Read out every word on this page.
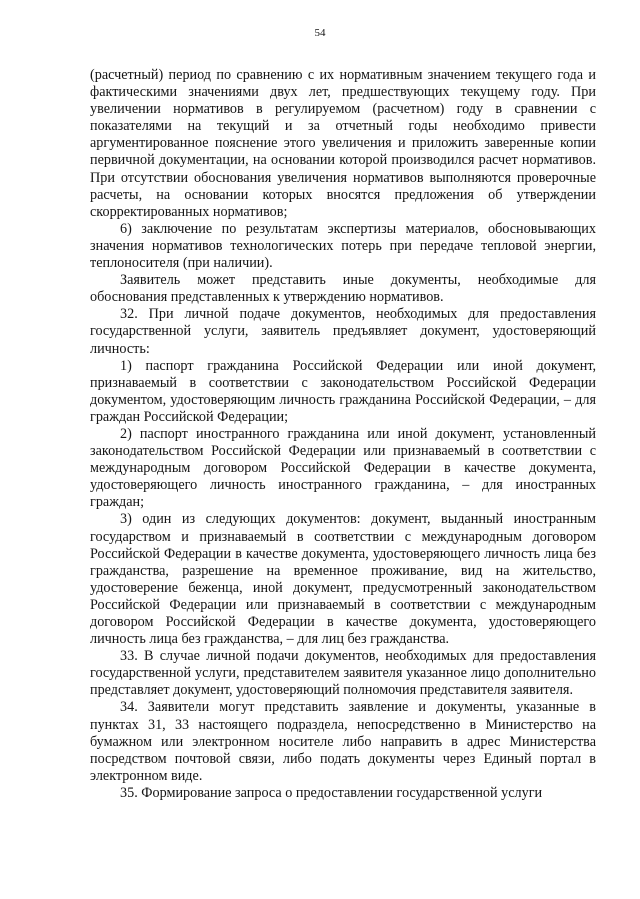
54

(расчетный) период по сравнению с их нормативным значением текущего года и фактическими значениями двух лет, предшествующих текущему году. При увеличении нормативов в регулируемом (расчетном) году в сравнении с показателями на текущий и за отчетный годы необходимо привести аргументированное пояснение этого увеличения и приложить заверенные копии первичной документации, на основании которой производился расчет нормативов. При отсутствии обоснования увеличения нормативов выполняются проверочные расчеты, на основании которых вносятся предложения об утверждении скорректированных нормативов;

6) заключение по результатам экспертизы материалов, обосновывающих значения нормативов технологических потерь при передаче тепловой энергии, теплоносителя (при наличии).

Заявитель может представить иные документы, необходимые для обоснования представленных к утверждению нормативов.

32. При личной подаче документов, необходимых для предоставления государственной услуги, заявитель предъявляет документ, удостоверяющий личность:

1) паспорт гражданина Российской Федерации или иной документ, признаваемый в соответствии с законодательством Российской Федерации документом, удостоверяющим личность гражданина Российской Федерации, – для граждан Российской Федерации;

2) паспорт иностранного гражданина или иной документ, установленный законодательством Российской Федерации или признаваемый в соответствии с международным договором Российской Федерации в качестве документа, удостоверяющего личность иностранного гражданина, – для иностранных граждан;

3) один из следующих документов: документ, выданный иностранным государством и признаваемый в соответствии с международным договором Российской Федерации в качестве документа, удостоверяющего личность лица без гражданства, разрешение на временное проживание, вид на жительство, удостоверение беженца, иной документ, предусмотренный законодательством Российской Федерации или признаваемый в соответствии с международным договором Российской Федерации в качестве документа, удостоверяющего личность лица без гражданства, – для лиц без гражданства.

33. В случае личной подачи документов, необходимых для предоставления государственной услуги, представителем заявителя указанное лицо дополнительно представляет документ, удостоверяющий полномочия представителя заявителя.

34. Заявители могут представить заявление и документы, указанные в пунктах 31, 33 настоящего подраздела, непосредственно в Министерство на бумажном или электронном носителе либо направить в адрес Министерства посредством почтовой связи, либо подать документы через Единый портал в электронном виде.

35. Формирование запроса о предоставлении государственной услуги
